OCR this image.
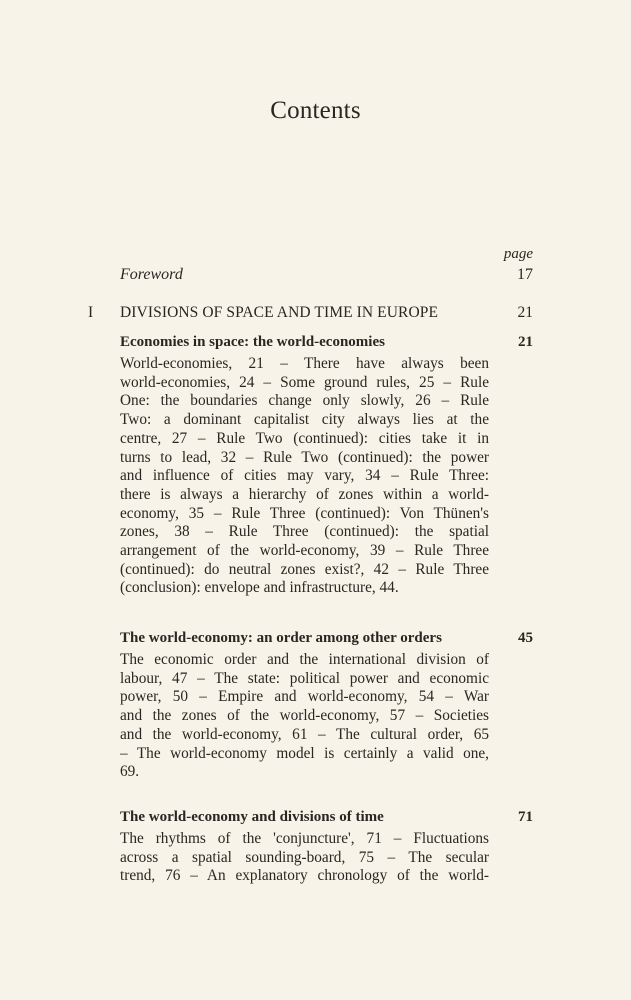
Contents
page
Foreword	17
I DIVISIONS OF SPACE AND TIME IN EUROPE	21
Economies in space: the world-economies	21
World-economies, 21 – There have always been
world-economies, 24 – Some ground rules, 25 – Rule
One: the boundaries change only slowly, 26 – Rule
Two: a dominant capitalist city always lies at the
centre, 27 – Rule Two (continued): cities take it in
turns to lead, 32 – Rule Two (continued): the power
and influence of cities may vary, 34 – Rule Three:
there is always a hierarchy of zones within a world-
economy, 35 – Rule Three (continued): Von Thünen's
zones, 38 – Rule Three (continued): the spatial
arrangement of the world-economy, 39 – Rule Three
(continued): do neutral zones exist?, 42 – Rule Three
(conclusion): envelope and infrastructure, 44.
The world-economy: an order among other orders	45
The economic order and the international division of
labour, 47 – The state: political power and economic
power, 50 – Empire and world-economy, 54 – War
and the zones of the world-economy, 57 – Societies
and the world-economy, 61 – The cultural order, 65
– The world-economy model is certainly a valid one,
69.
The world-economy and divisions of time	71
The rhythms of the 'conjuncture', 71 – Fluctuations
across a spatial sounding-board, 75 – The secular
trend, 76 – An explanatory chronology of the world-
